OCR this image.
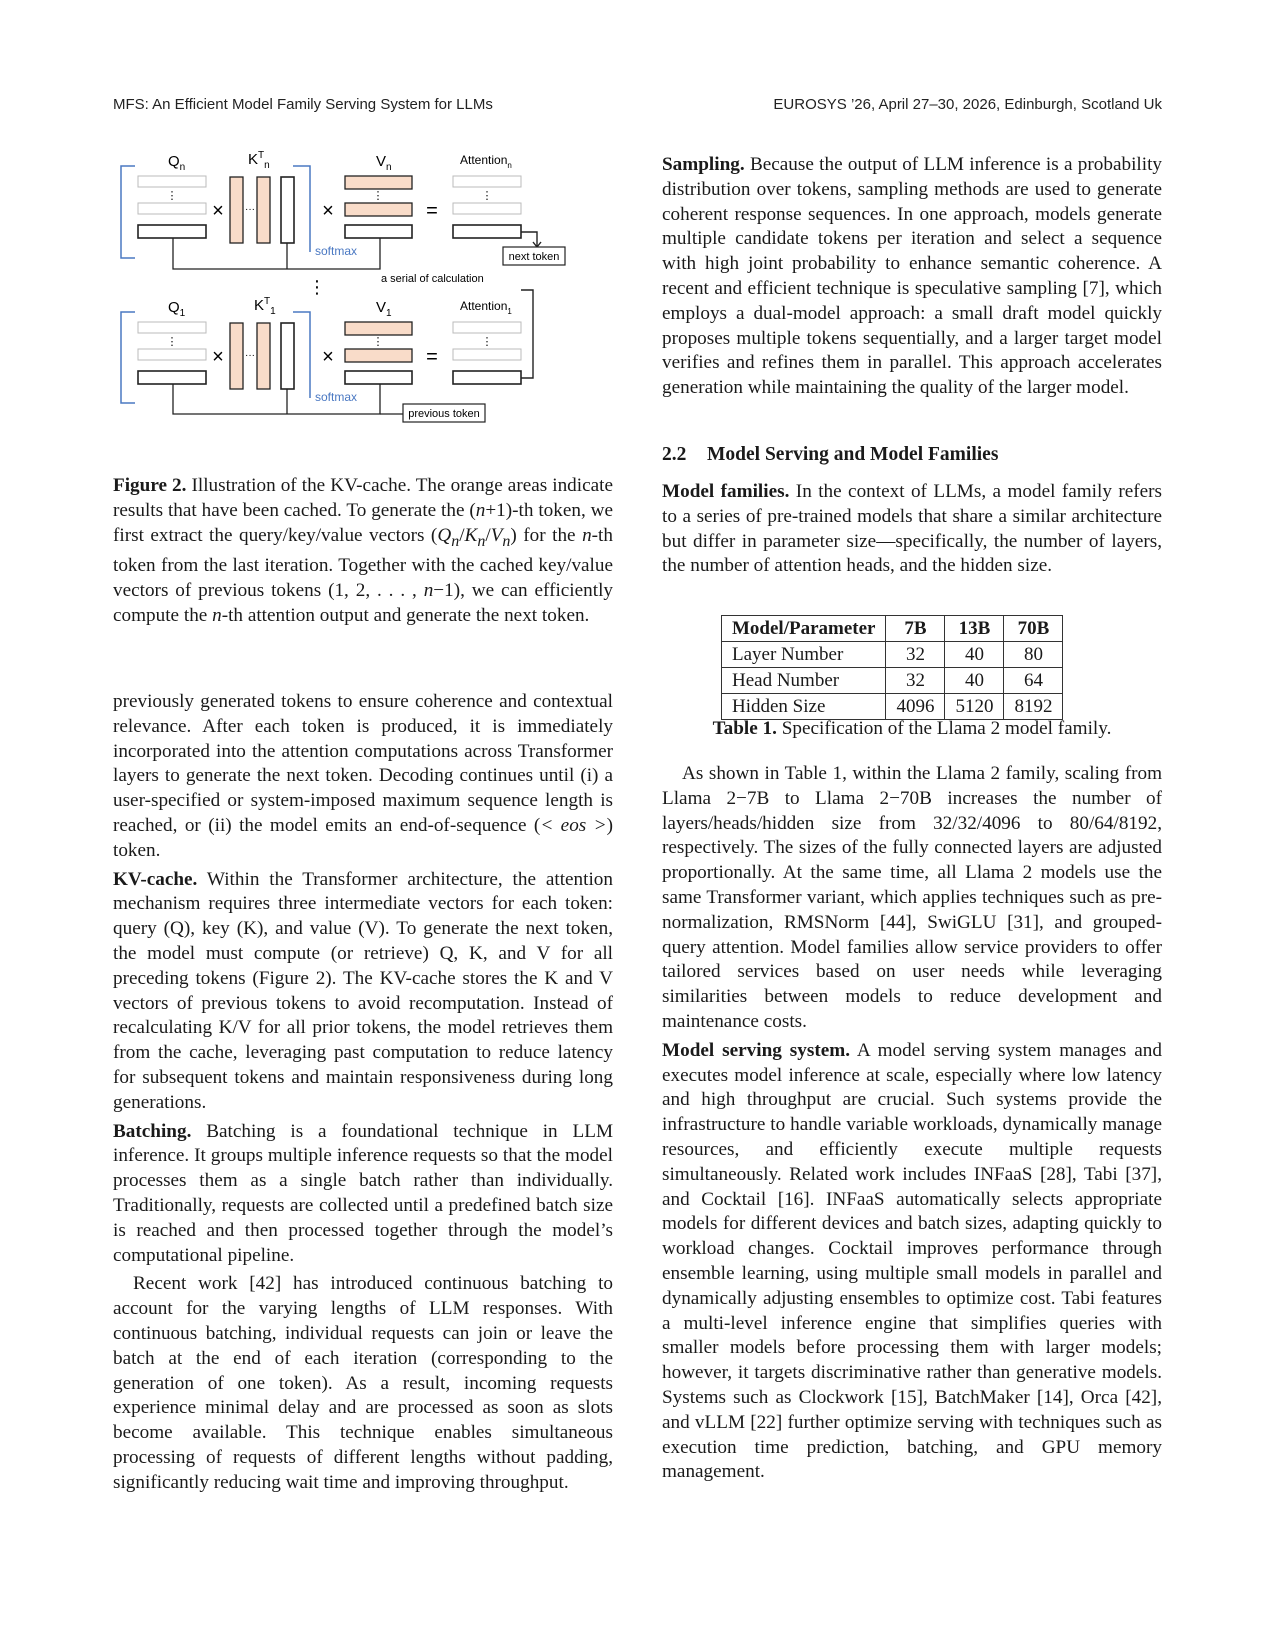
MFS: An Efficient Model Family Serving System for LLMs	EUROSYS ’26, April 27–30, 2026, Edinburgh, Scotland Uk
$Q_n$	$K^T_n$	$V_n$
Attention$_n$
⋮
× ···	×
softmax
⋮
=
⋮
next token
⋮	a serial of calculation
$Q_1$	$K^T_1$	$V_1$
Attention$_1$
⋮
× ···	×
softmax
⋮
=
⋮
previous token
Figure 2. Illustration of the KV-cache. The orange areas indicate results that have been cached. To generate the (n+1)-th token, we first extract the query/key/value vectors $(Q_n/K_n/V_n)$ for the n-th token from the last iteration. Together with the cached key/value vectors of previous tokens (1, 2, . . . , n−1), we can efficiently compute the n-th attention output and generate the next token.

previously generated tokens to ensure coherence and contextual relevance. After each token is produced, it is immediately incorporated into the attention computations across Transformer layers to generate the next token. Decoding continues until (i) a user-specified or system-imposed maximum sequence length is reached, or (ii) the model emits an end-of-sequence (< eos >) token.

KV-cache. Within the Transformer architecture, the attention mechanism requires three intermediate vectors for each token: query (Q), key (K), and value (V). To generate the next token, the model must compute (or retrieve) Q, K, and V for all preceding tokens (Figure 2). The KV-cache stores the K and V vectors of previous tokens to avoid recomputation. Instead of recalculating K/V for all prior tokens, the model retrieves them from the cache, leveraging past computation to reduce latency for subsequent tokens and maintain responsiveness during long generations.

Batching. Batching is a foundational technique in LLM inference. It groups multiple inference requests so that the model processes them as a single batch rather than individually. Traditionally, requests are collected until a predefined batch size is reached and then processed together through the model’s computational pipeline.

Recent work [42] has introduced continuous batching to account for the varying lengths of LLM responses. With continuous batching, individual requests can join or leave the batch at the end of each iteration (corresponding to the generation of one token). As a result, incoming requests experience minimal delay and are processed as soon as slots become available. This technique enables simultaneous processing of requests of different lengths without padding, significantly reducing wait time and improving throughput.

Sampling. Because the output of LLM inference is a probability distribution over tokens, sampling methods are used to generate coherent response sequences. In one approach, models generate multiple candidate tokens per iteration and select a sequence with high joint probability to enhance semantic coherence. A recent and efficient technique is speculative sampling [7], which employs a dual-model approach: a small draft model quickly proposes multiple tokens sequentially, and a larger target model verifies and refines them in parallel. This approach accelerates generation while maintaining the quality of the larger model.

2.2 Model Serving and Model Families
Model families. In the context of LLMs, a model family refers to a series of pre-trained models that share a similar architecture but differ in parameter size—specifically, the number of layers, the number of attention heads, and the hidden size.
Model/Parameter	7B	13B	70B
Layer Number	32	40	80
Head Number	32	40	64
Hidden Size	4096	5120	8192
Table 1. Specification of the Llama 2 model family.

As shown in Table 1, within the Llama 2 family, scaling from Llama 2−7B to Llama 2−70B increases the number of layers/heads/hidden size from 32/32/4096 to 80/64/8192, respectively. The sizes of the fully connected layers are adjusted proportionally. At the same time, all Llama 2 models use the same Transformer variant, which applies techniques such as pre-normalization, RMSNorm [44], SwiGLU [31], and grouped-query attention. Model families allow service providers to offer tailored services based on user needs while leveraging similarities between models to reduce development and maintenance costs.

Model serving system. A model serving system manages and executes model inference at scale, especially where low latency and high throughput are crucial. Such systems provide the infrastructure to handle variable workloads, dynamically manage resources, and efficiently execute multiple requests simultaneously. Related work includes INFaaS [28], Tabi [37], and Cocktail [16]. INFaaS automatically selects appropriate models for different devices and batch sizes, adapting quickly to workload changes. Cocktail improves performance through ensemble learning, using multiple small models in parallel and dynamically adjusting ensembles to optimize cost. Tabi features a multi-level inference engine that simplifies queries with smaller models before processing them with larger models; however, it targets discriminative rather than generative models. Systems such as Clockwork [15], BatchMaker [14], Orca [42], and vLLM [22] further optimize serving with techniques such as execution time prediction, batching, and GPU memory management.
